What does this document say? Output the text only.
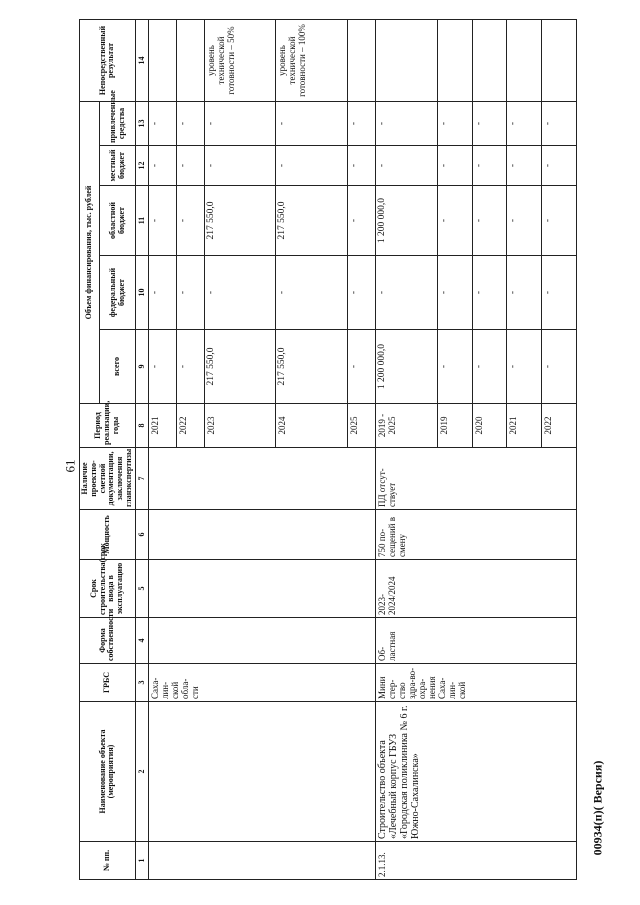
61
00934(п)( Версия)
№ пп.	Наименование объекта (мероприятия)	ГРБС	Форма собственности	Срок строительства(срок ввода в эксплуатацию	Мощность	Наличие проектно-сметной документации, заключения гланэкспертизы	Период реализации, годы	Объем финансирования, тыс. рублей					Непосредственный результат
								всего	федеральный бюджет	областной бюджет	местный бюджет	привлеченные средства	
1	2	3	4	5	6	7	8	9	10	11	12	13	14
		Саха-лин-ской обла-сти					2021	-	-	-	-	-	
							2022	-	-	-	-	-	
							2023	217 550,0	-	217 550,0	-	-	уровень технической готовности – 50%
							2024	217 550,0	-	217 550,0	-	-	уровень технической готовности – 100%
							2025	-	-	-	-	-	
2.1.13.	Строительство объекта «Лечебный корпус ГБУЗ «Городская поликлиника № 6 г. Южно-Сахалинска»	Мини стер-ство здра-во-охра-нения Саха-лин-ской	Об-ластная	2023-2024/2024	750 по-сещений в смену	ПД отсут-ствует	2019 - 2025	1 200 000,0	-	1 200 000,0	-	-	
							2019	-	-	-	-	-	
							2020	-	-	-	-	-	
							2021	-	-	-	-	-	
							2022	-	-	-	-	-	
